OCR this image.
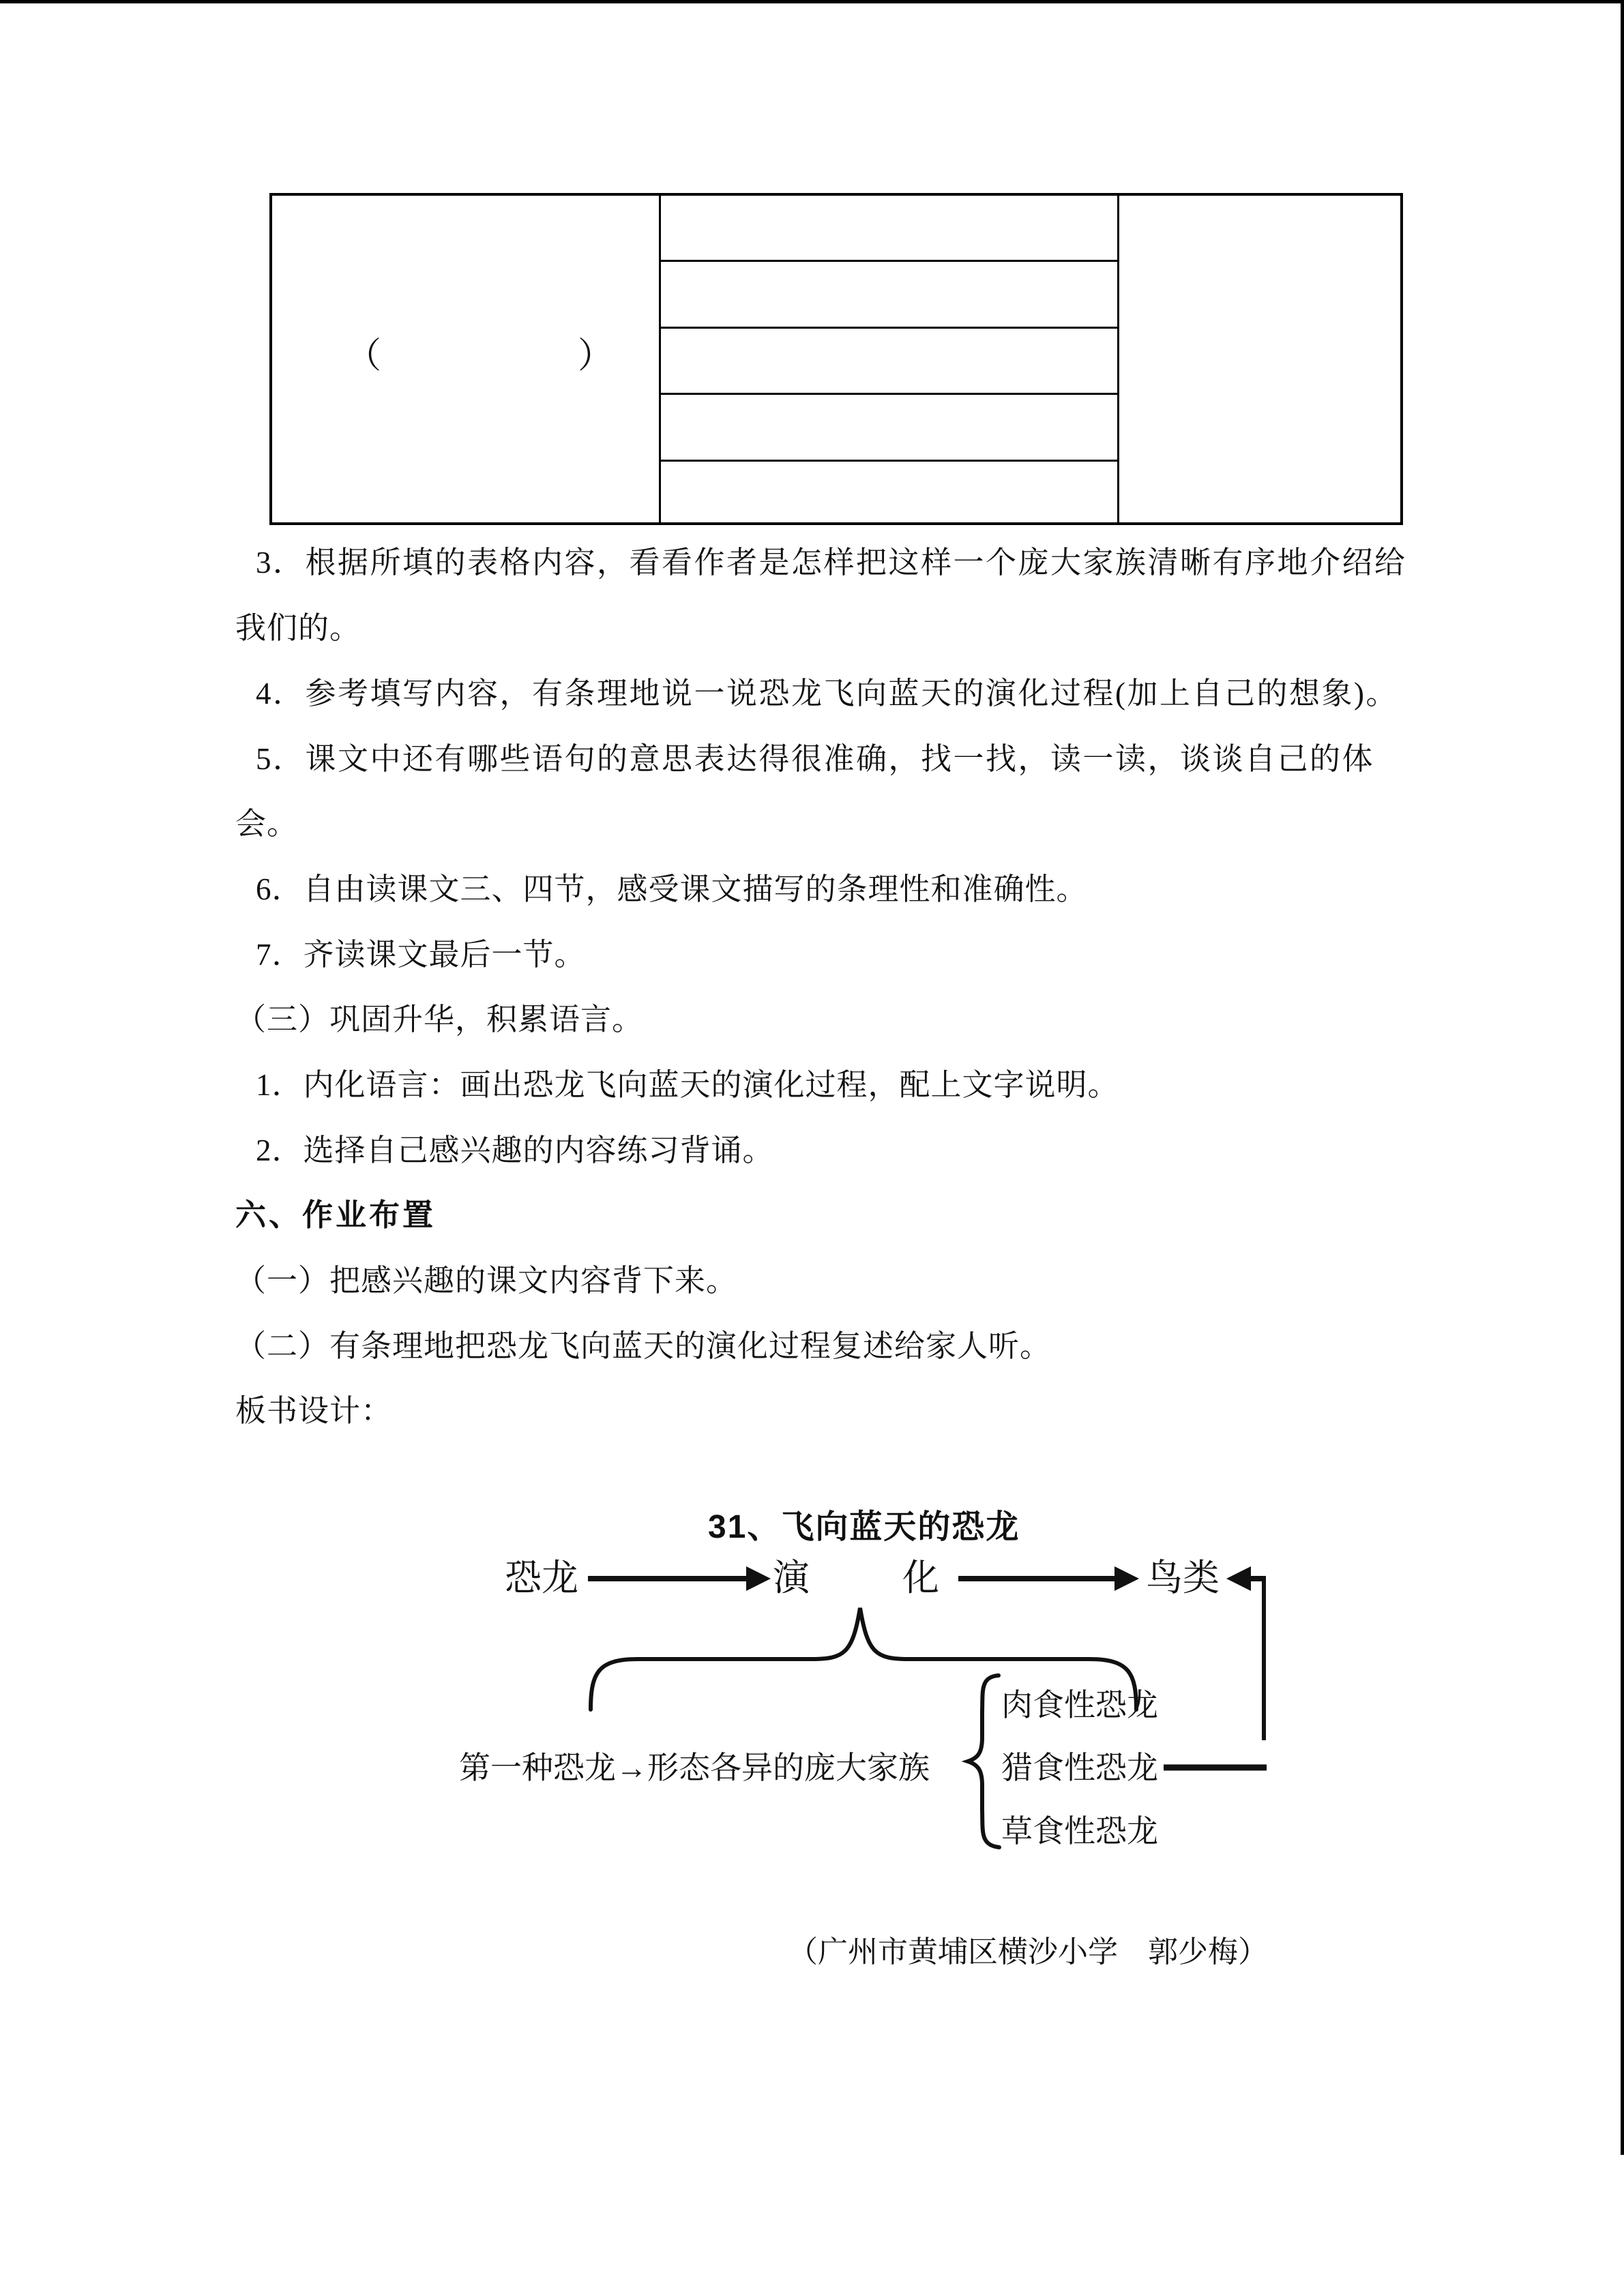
（	）
3．根据所填的表格内容，看看作者是怎样把这样一个庞大家族清晰有序地介绍给
我们的。
4．参考填写内容，有条理地说一说恐龙飞向蓝天的演化过程(加上自己的想象)。
5．课文中还有哪些语句的意思表达得很准确，找一找，读一读，谈谈自己的体
会。
6．自由读课文三、四节，感受课文描写的条理性和准确性。
7．齐读课文最后一节。
（三）巩固升华，积累语言。
1．内化语言：画出恐龙飞向蓝天的演化过程，配上文字说明。
2．选择自己感兴趣的内容练习背诵。
六、作业布置
（一）把感兴趣的课文内容背下来。
（二）有条理地把恐龙飞向蓝天的演化过程复述给家人听。
板书设计：
31、飞向蓝天的恐龙
恐龙	演	化	鸟类
第一种恐龙→形态各异的庞大家族
肉食性恐龙
猎食性恐龙
草食性恐龙
（广州市黄埔区横沙小学　郭少梅）
